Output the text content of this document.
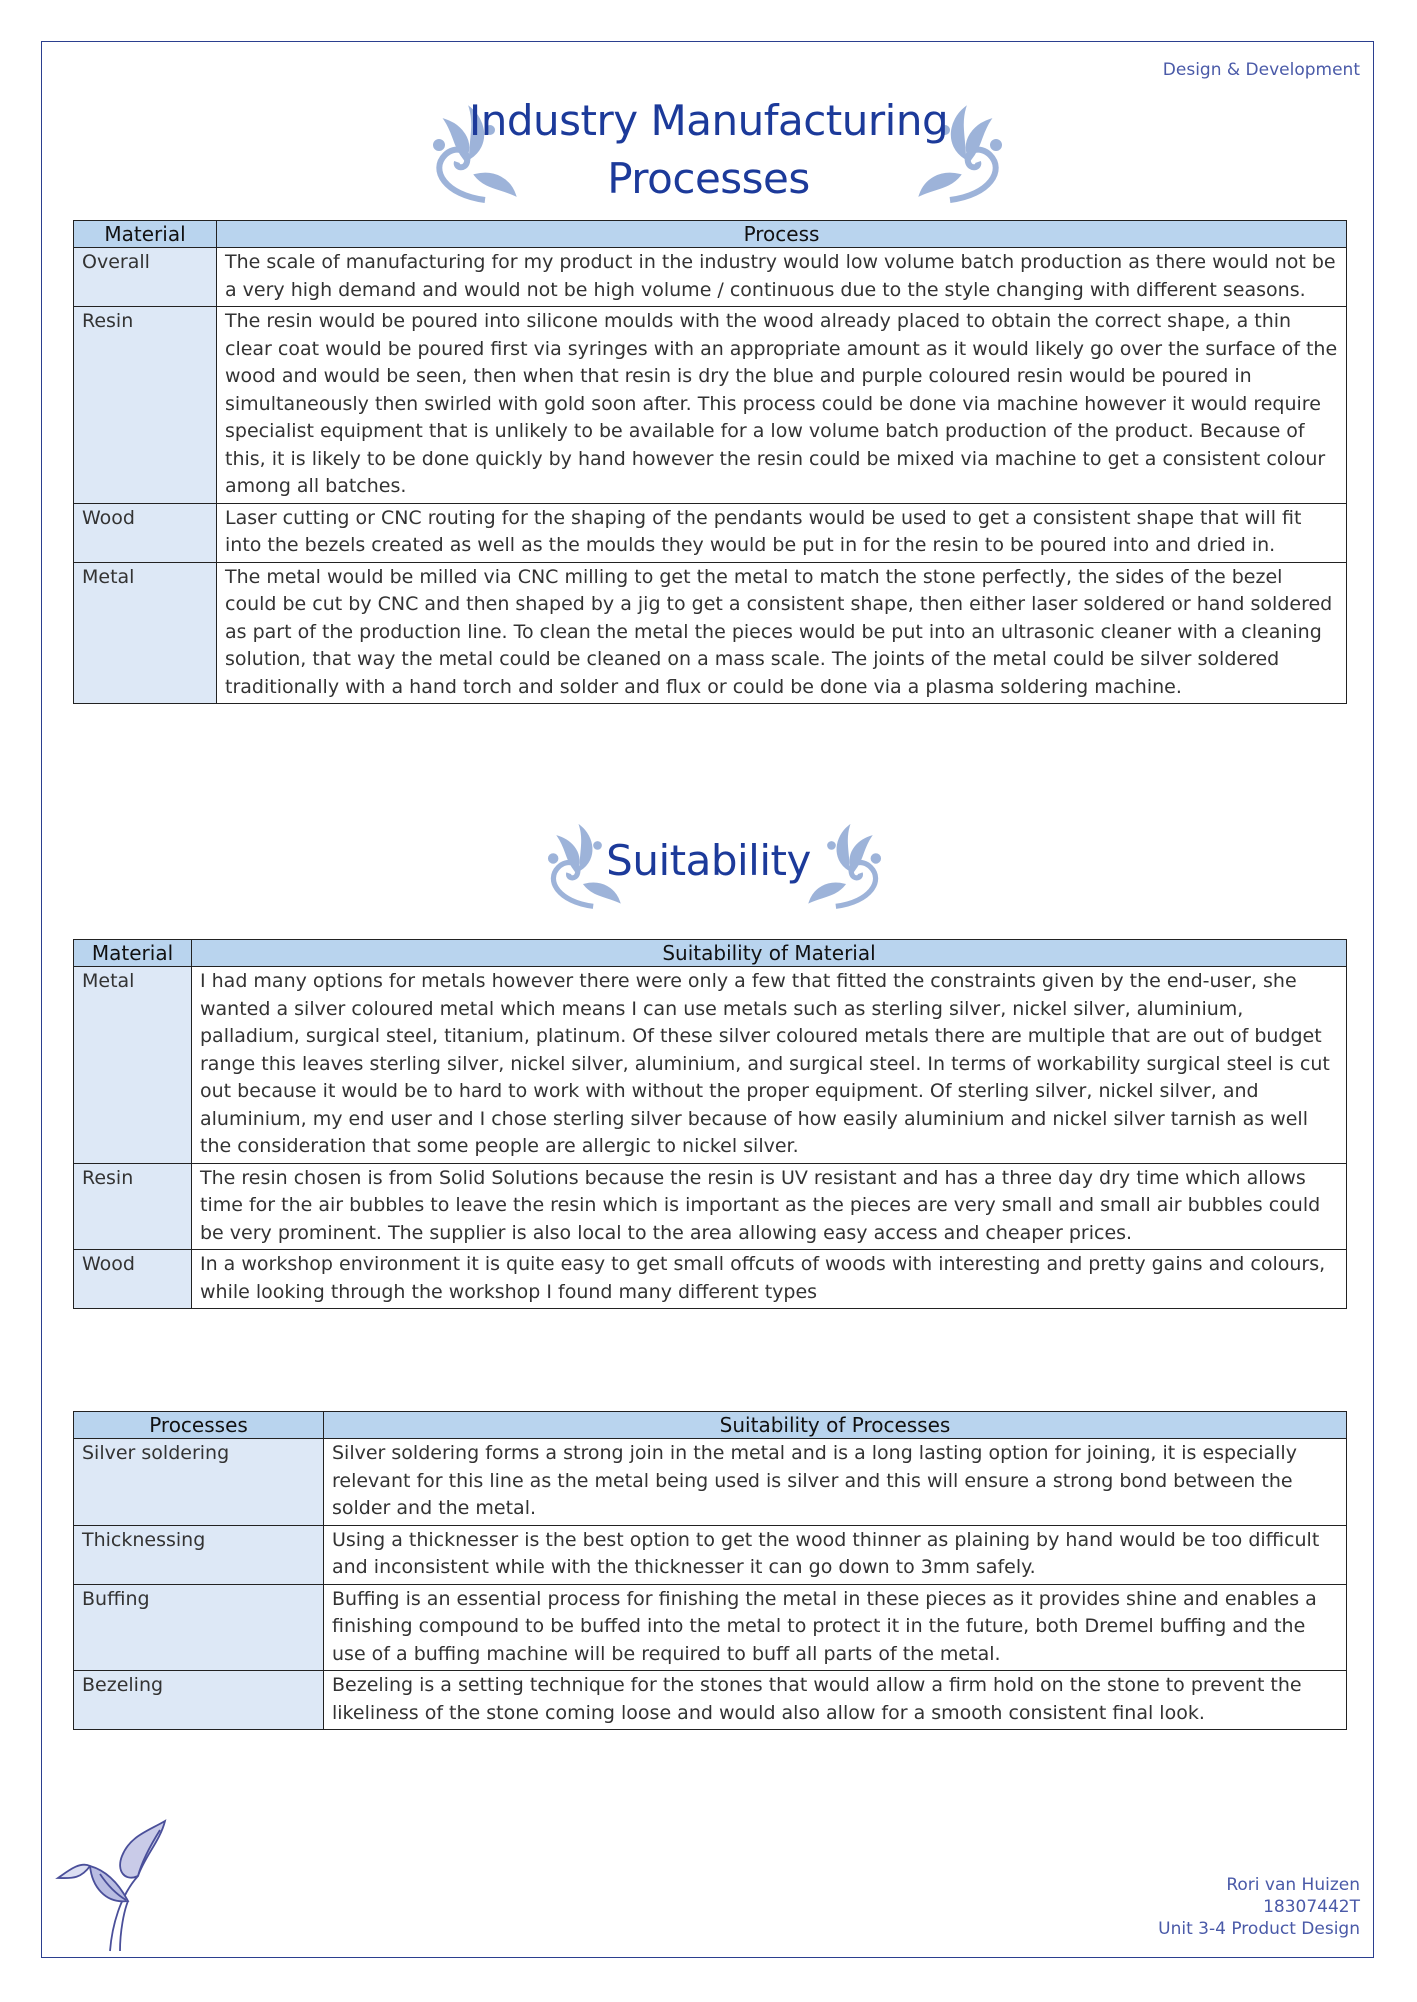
Design & Development
Industry Manufacturing
Processes
Material	Process
Overall	The scale of manufacturing for my product in the industry would low volume batch production as there would not be a very high demand and would not be high volume / continuous due to the style changing with different seasons.
Resin	The resin would be poured into silicone moulds with the wood already placed to obtain the correct shape, a thin clear coat would be poured first via syringes with an appropriate amount as it would likely go over the surface of the wood and would be seen, then when that resin is dry the blue and purple coloured resin would be poured in simultaneously then swirled with gold soon after. This process could be done via machine however it would require specialist equipment that is unlikely to be available for a low volume batch production of the product. Because of this, it is likely to be done quickly by hand however the resin could be mixed via machine to get a consistent colour among all batches.
Wood	Laser cutting or CNC routing for the shaping of the pendants would be used to get a consistent shape that will fit into the bezels created as well as the moulds they would be put in for the resin to be poured into and dried in.
Metal	The metal would be milled via CNC milling to get the metal to match the stone perfectly, the sides of the bezel could be cut by CNC and then shaped by a jig to get a consistent shape, then either laser soldered or hand soldered as part of the production line. To clean the metal the pieces would be put into an ultrasonic cleaner with a cleaning solution, that way the metal could be cleaned on a mass scale. The joints of the metal could be silver soldered traditionally with a hand torch and solder and flux or could be done via a plasma soldering machine.
Suitability
Material	Suitability of Material
Metal	I had many options for metals however there were only a few that fitted the constraints given by the end-user, she wanted a silver coloured metal which means I can use metals such as sterling silver, nickel silver, aluminium, palladium, surgical steel, titanium, platinum. Of these silver coloured metals there are multiple that are out of budget range this leaves sterling silver, nickel silver, aluminium, and surgical steel. In terms of workability surgical steel is cut out because it would be to hard to work with without the proper equipment. Of sterling silver, nickel silver, and aluminium, my end user and I chose sterling silver because of how easily aluminium and nickel silver tarnish as well the consideration that some people are allergic to nickel silver.
Resin	The resin chosen is from Solid Solutions because the resin is UV resistant and has a three day dry time which allows time for the air bubbles to leave the resin which is important as the pieces are very small and small air bubbles could be very prominent. The supplier is also local to the area allowing easy access and cheaper prices.
Wood	In a workshop environment it is quite easy to get small offcuts of woods with interesting and pretty gains and colours, while looking through the workshop I found many different types
Processes	Suitability of Processes
Silver soldering	Silver soldering forms a strong join in the metal and is a long lasting option for joining, it is especially relevant for this line as the metal being used is silver and this will ensure a strong bond between the solder and the metal.
Thicknessing	Using a thicknesser is the best option to get the wood thinner as plaining by hand would be too difficult and inconsistent while with the thicknesser it can go down to 3mm safely.
Buffing	Buffing is an essential process for finishing the metal in these pieces as it provides shine and enables a finishing compound to be buffed into the metal to protect it in the future, both Dremel buffing and the use of a buffing machine will be required to buff all parts of the metal.
Bezeling	Bezeling is a setting technique for the stones that would allow a firm hold on the stone to prevent the likeliness of the stone coming loose and would also allow for a smooth consistent final look.
Rori van Huizen
18307442T
Unit 3-4 Product Design
